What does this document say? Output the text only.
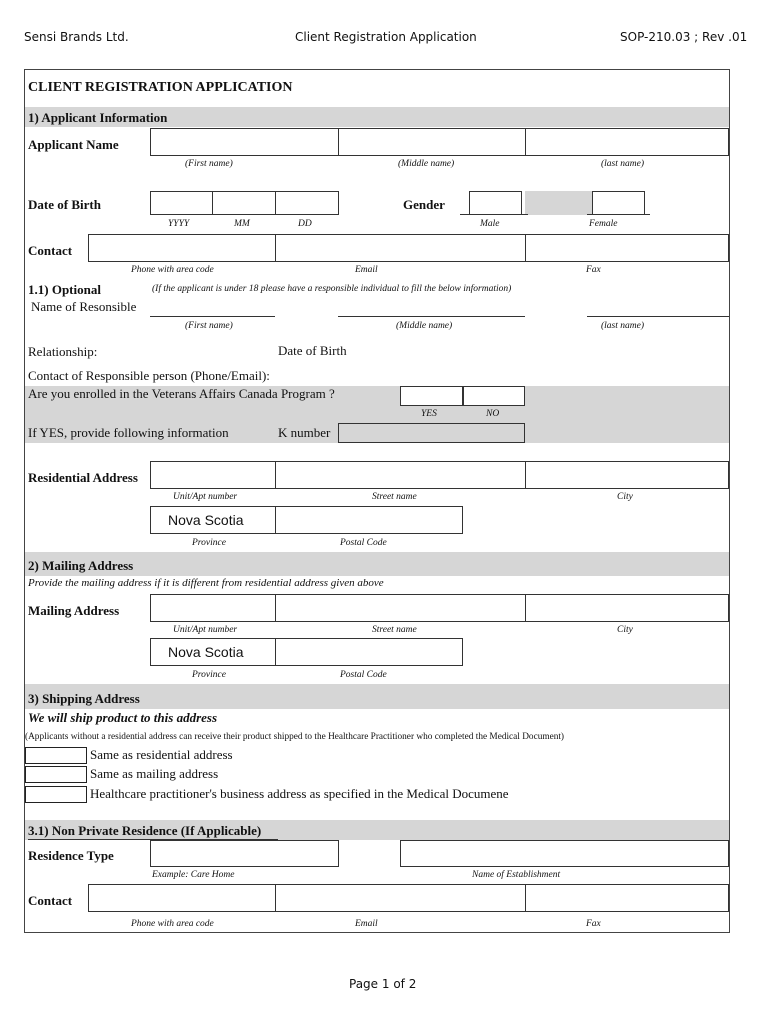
Sensi Brands Ltd.	Client Registration Application	SOP-210.03 ; Rev .01
CLIENT REGISTRATION APPLICATION
1) Applicant Information
Applicant Name
(First name)	(Middle name)	(last name)
Date of Birth
YYYY	MM	DD
Gender
Male	Female
Contact
Phone with area code	Email	Fax
1.1) Optional	(If the applicant is under 18 please have a responsible individual to fill the below information)
Name of Resonsible
(First name)	(Middle name)	(last name)
Relationship:	Date of Birth
Contact of Responsible person (Phone/Email):
Are you enrolled in the Veterans Affairs Canada Program ?
YES	NO
If YES, provide following information	K number
Residential Address
Unit/Apt number	Street name	City
Nova Scotia
Province	Postal Code
2) Mailing Address
Provide the mailing address if it is different from residential address given above
Mailing Address
Unit/Apt number	Street name	City
Nova Scotia
Province	Postal Code
3) Shipping Address
We will ship product to this address
(Applicants without a residential address can receive their product shipped to the Healthcare Practitioner who completed the Medical Document)
Same as residential address
Same as mailing address
Healthcare practitioner's business address as specified in the Medical Documene
3.1) Non Private Residence (If Applicable)
Residence Type
Example: Care Home	Name of Establishment
Contact
Phone with area code	Email	Fax
Page 1 of 2
